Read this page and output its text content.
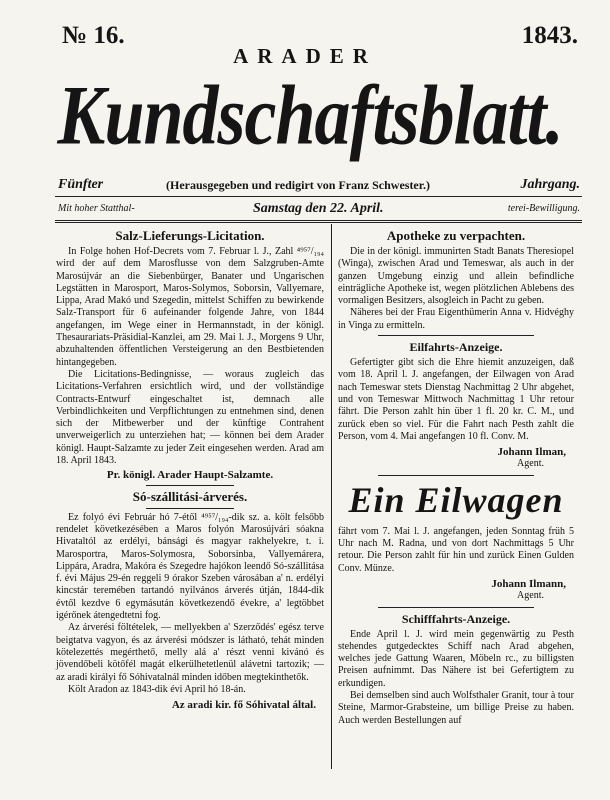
№ 16.	1843.
ARADER
Kundschaftsblatt.
Fünfter	(Herausgegeben und redigirt von Franz Schwester.)	Jahrgang.
Mit hoher Statthal-	Samstag den 22. April.	terei-Bewilligung.
Salz-Lieferungs-Licitation.

In Folge hohen Hof-Decrets vom 7. Februar l. J., Zahl ⁴⁹⁵⁷/₁₉₄ wird der auf dem Marosflusse von dem Salzgruben-Amte Marosújvár an die Siebenbürger, Banater und Ungarischen Legstätten in Marosport, Maros-Solymos, Soborsin, Vallyemare, Lippa, Arad Makó und Szegedin, mittelst Schiffen zu bewirkende Salz-Transport für 6 aufeinander folgende Jahre, von 1844 angefangen, im Wege einer in Hermannstadt, in der königl. Thesaurariats-Präsidial-Kanzlei, am 29. Mai l. J., Morgens 9 Uhr, abzuhaltenden öffentlichen Versteigerung an den Bestbietenden hintangegeben.

Die Licitations-Bedingnisse, — woraus zugleich das Licitations-Verfahren ersichtlich wird, und der vollständige Contracts-Entwurf eingeschaltet ist, demnach alle Verbindlichkeiten und Verpflichtungen zu entnehmen sind, denen sich der Mitbewerber und der künftige Contrahent unverweigerlich zu unterziehen hat; — können bei dem Arader königl. Haupt-Salzamte zu jeder Zeit eingesehen werden. Arad am 18. April 1843.

Pr. königl. Arader Haupt-Salzamte.
Só-szállitási-árverés.

Ez folyó évi Február hó 7-étől ⁴⁹⁵⁷/₁₉₄-dik sz. a. költ felsőbb rendelet következésében a Maros folyón Marosújvári sóakna Hivataltól az erdélyi, bánsági és magyar rakhelyekre, t. i. Marosportra, Maros-Solymosra, Soborsinba, Vallyemárera, Lippára, Aradra, Makóra és Szegedre hajókon leendő Só-szállitása f. évi Május 29-én reggeli 9 órakor Szeben városában a' n. erdélyi kincstár teremében tartandó nyilvános árverés útján, 1844-dik évtől kezdve 6 egymásután következendő évekre, a' legtöbbet igérőnek átengedtetni fog.

Az árverési föltételek, — mellyekben a' Szerződés' egész terve beigtatva vagyon, és az árverési módszer is látható, tehát minden kötelezettés megérthető, melly alá a' részt venni kivánó és jövendőbeli kötőfél magát elkerülhetetlenül alávetni tartozik; — az aradi királyi fő Sóhivatalnál minden időben megtekinthetők.

Költ Aradon az 1843-dik évi April hó 18-án.

Az aradi kir. fő Sóhivatal által.
Apotheke zu verpachten.

Die in der königl. immunirten Stadt Banats Theresiopel (Winga), zwischen Arad und Temeswar, als auch in der ganzen Umgebung einzig und allein befindliche einträgliche Apotheke ist, wegen plötzlichen Ablebens des vormaligen Besitzers, alsogleich in Pacht zu geben.

Näheres bei der Frau Eigenthümerin Anna v. Hidvéghy in Vinga zu ermitteln.

Eilfahrts-Anzeige.

Gefertigter gibt sich die Ehre hiemit anzuzeigen, daß vom 18. April l. J. angefangen, der Eilwagen von Arad nach Temeswar stets Dienstag Nachmittag 2 Uhr abgehet, und von Temeswar Mittwoch Nachmittag 1 Uhr retour fährt. Die Person zahlt hin über 1 fl. 20 kr. C. M., und zurück eben so viel. Für die Fahrt nach Pesth zahlt die Person, vom 4. Mai angefangen 10 fl. Conv. M.

Johann Ilman,
Agent.
Ein Eilwagen

fährt vom 7. Mai l. J. angefangen, jeden Sonntag früh 5 Uhr nach M. Radna, und von dort Nachmittags 5 Uhr retour. Die Person zahlt für hin und zurück Einen Gulden Conv. Münze.

Johann Ilmann,
Agent.
Schifffahrts-Anzeige.

Ende April l. J. wird mein gegenwärtig zu Pesth stehendes gutgedecktes Schiff nach Arad abgehen, welches jede Gattung Waaren, Möbeln rc., zu billigsten Preisen aufnimmt. Das Nähere ist bei Gefertigtem zu erkundigen.

Bei demselben sind auch Wolfsthaler Granit, tour à tour Steine, Marmor-Grabsteine, um billige Preise zu haben. Auch werden Bestellungen auf
